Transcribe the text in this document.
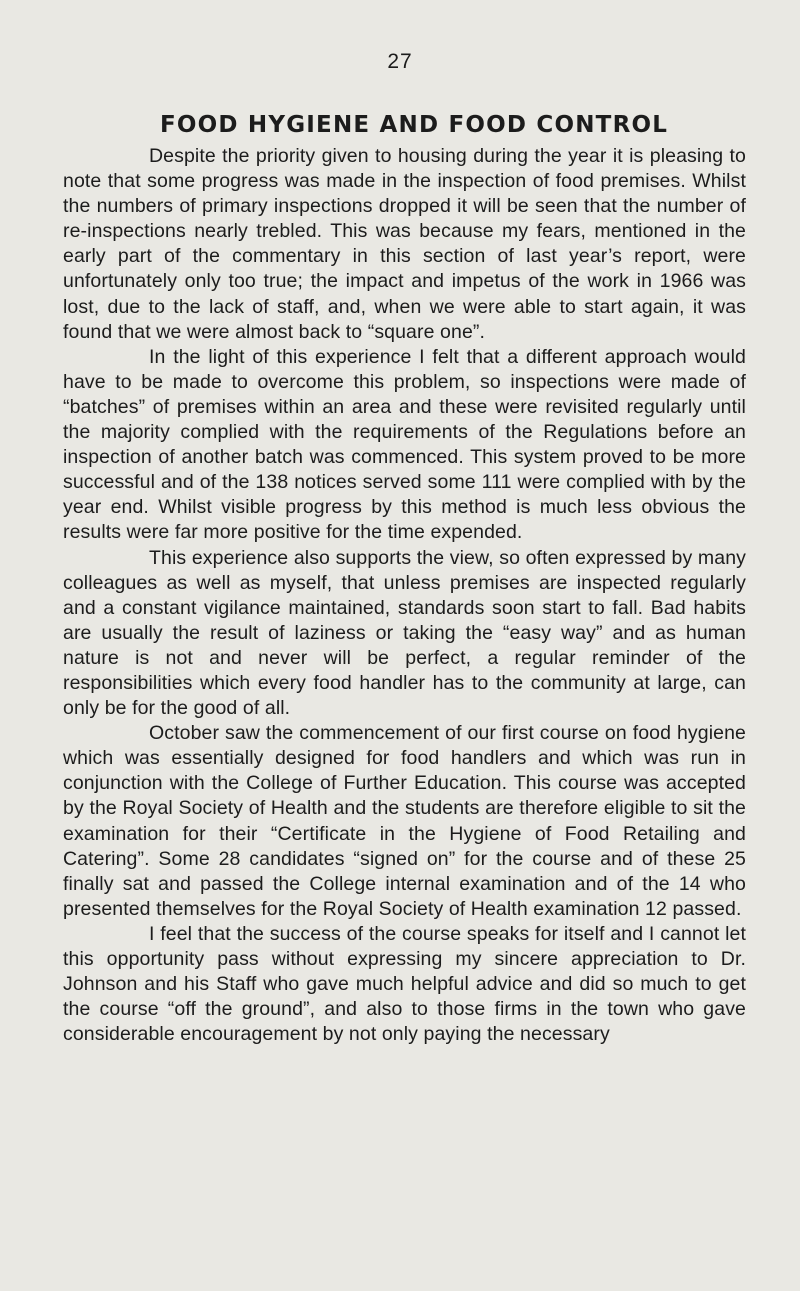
27
FOOD HYGIENE AND FOOD CONTROL

Despite the priority given to housing during the year it is pleasing to note that some progress was made in the inspection of food premises. Whilst the numbers of primary inspections dropped it will be seen that the number of re-inspections nearly trebled. This was because my fears, mentioned in the early part of the commentary in this section of last year’s report, were unfortunately only too true; the impact and impetus of the work in 1966 was lost, due to the lack of staff, and, when we were able to start again, it was found that we were almost back to “square one”.

In the light of this experience I felt that a different approach would have to be made to overcome this problem, so inspections were made of “batches” of premises within an area and these were revisited regularly until the majority complied with the requirements of the Regulations before an inspection of another batch was commenced. This system proved to be more successful and of the 138 notices served some 111 were complied with by the year end. Whilst visible progress by this method is much less obvious the results were far more positive for the time expended.

This experience also supports the view, so often expressed by many colleagues as well as myself, that unless premises are inspected regularly and a constant vigilance maintained, standards soon start to fall. Bad habits are usually the result of laziness or taking the “easy way” and as human nature is not and never will be perfect, a regular reminder of the responsibilities which every food handler has to the community at large, can only be for the good of all.

October saw the commencement of our first course on food hygiene which was essentially designed for food handlers and which was run in conjunction with the College of Further Education. This course was accepted by the Royal Society of Health and the students are therefore eligible to sit the examination for their “Certificate in the Hygiene of Food Retailing and Catering”. Some 28 candidates “signed on” for the course and of these 25 finally sat and passed the College internal examination and of the 14 who presented themselves for the Royal Society of Health examination 12 passed.

I feel that the success of the course speaks for itself and I cannot let this opportunity pass without expressing my sincere appreciation to Dr. Johnson and his Staff who gave much helpful advice and did so much to get the course “off the ground”, and also to those firms in the town who gave considerable encouragement by not only paying the necessary
